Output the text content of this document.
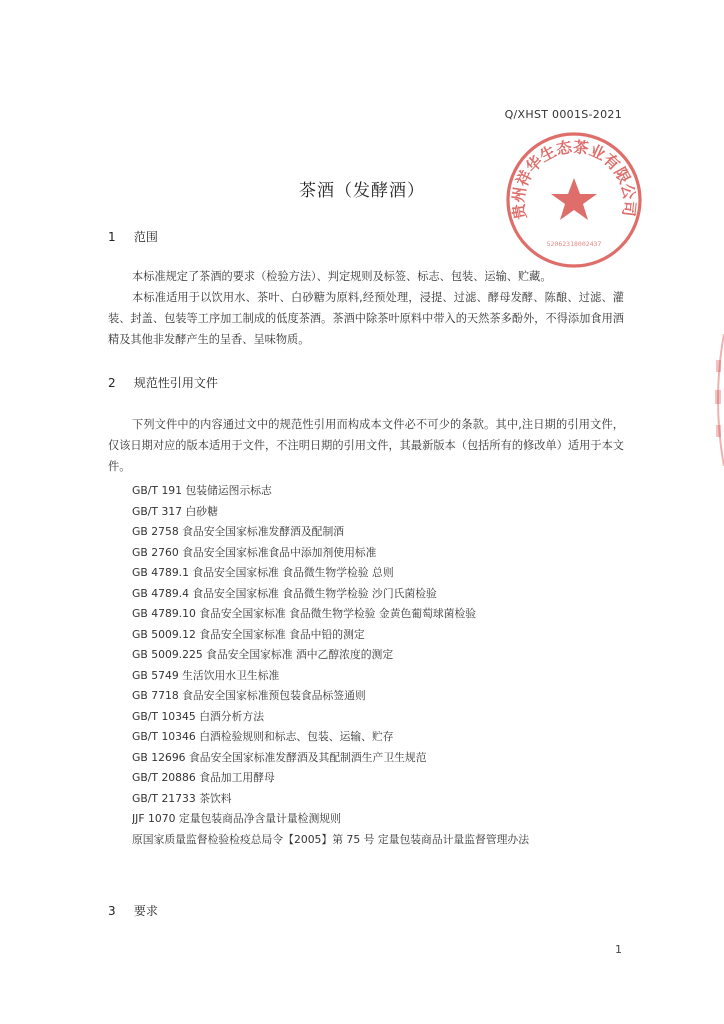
Q/XHST 0001S-2021
贵州祥华生态茶业有限公司
52062318002437
茶酒（发酵酒）
1 范围

本标准规定了茶酒的要求（检验方法）、判定规则及标签、标志、包装、运输、贮藏。

本标准适用于以饮用水、茶叶、白砂糖为原料,经预处理，浸提、过滤、酵母发酵、陈酿、过滤、灌装、封盖、包装等工序加工制成的低度茶酒。茶酒中除茶叶原料中带入的天然茶多酚外，不得添加食用酒精及其他非发酵产生的呈香、呈味物质。

2 规范性引用文件

下列文件中的内容通过文中的规范性引用而构成本文件必不可少的条款。其中,注日期的引用文件，仅该日期对应的版本适用于文件，不注明日期的引用文件，其最新版本（包括所有的修改单）适用于本文件。

GB/T 191 包装储运图示标志
GB/T 317 白砂糖
GB 2758 食品安全国家标准发酵酒及配制酒
GB 2760 食品安全国家标准食品中添加剂使用标准
GB 4789.1 食品安全国家标准 食品微生物学检验 总则
GB 4789.4 食品安全国家标准 食品微生物学检验 沙门氏菌检验
GB 4789.10 食品安全国家标准 食品微生物学检验 金黄色葡萄球菌检验
GB 5009.12 食品安全国家标准 食品中铅的测定
GB 5009.225 食品安全国家标准 酒中乙醇浓度的测定
GB 5749 生活饮用水卫生标准
GB 7718 食品安全国家标准预包装食品标签通则
GB/T 10345 白酒分析方法
GB/T 10346 白酒检验规则和标志、包装、运输、贮存
GB 12696 食品安全国家标准发酵酒及其配制酒生产卫生规范
GB/T 20886 食品加工用酵母
GB/T 21733 茶饮料
JJF 1070 定量包装商品净含量计量检测规则
原国家质量监督检验检疫总局令【2005】第 75 号 定量包装商品计量监督管理办法
3 要求
1
